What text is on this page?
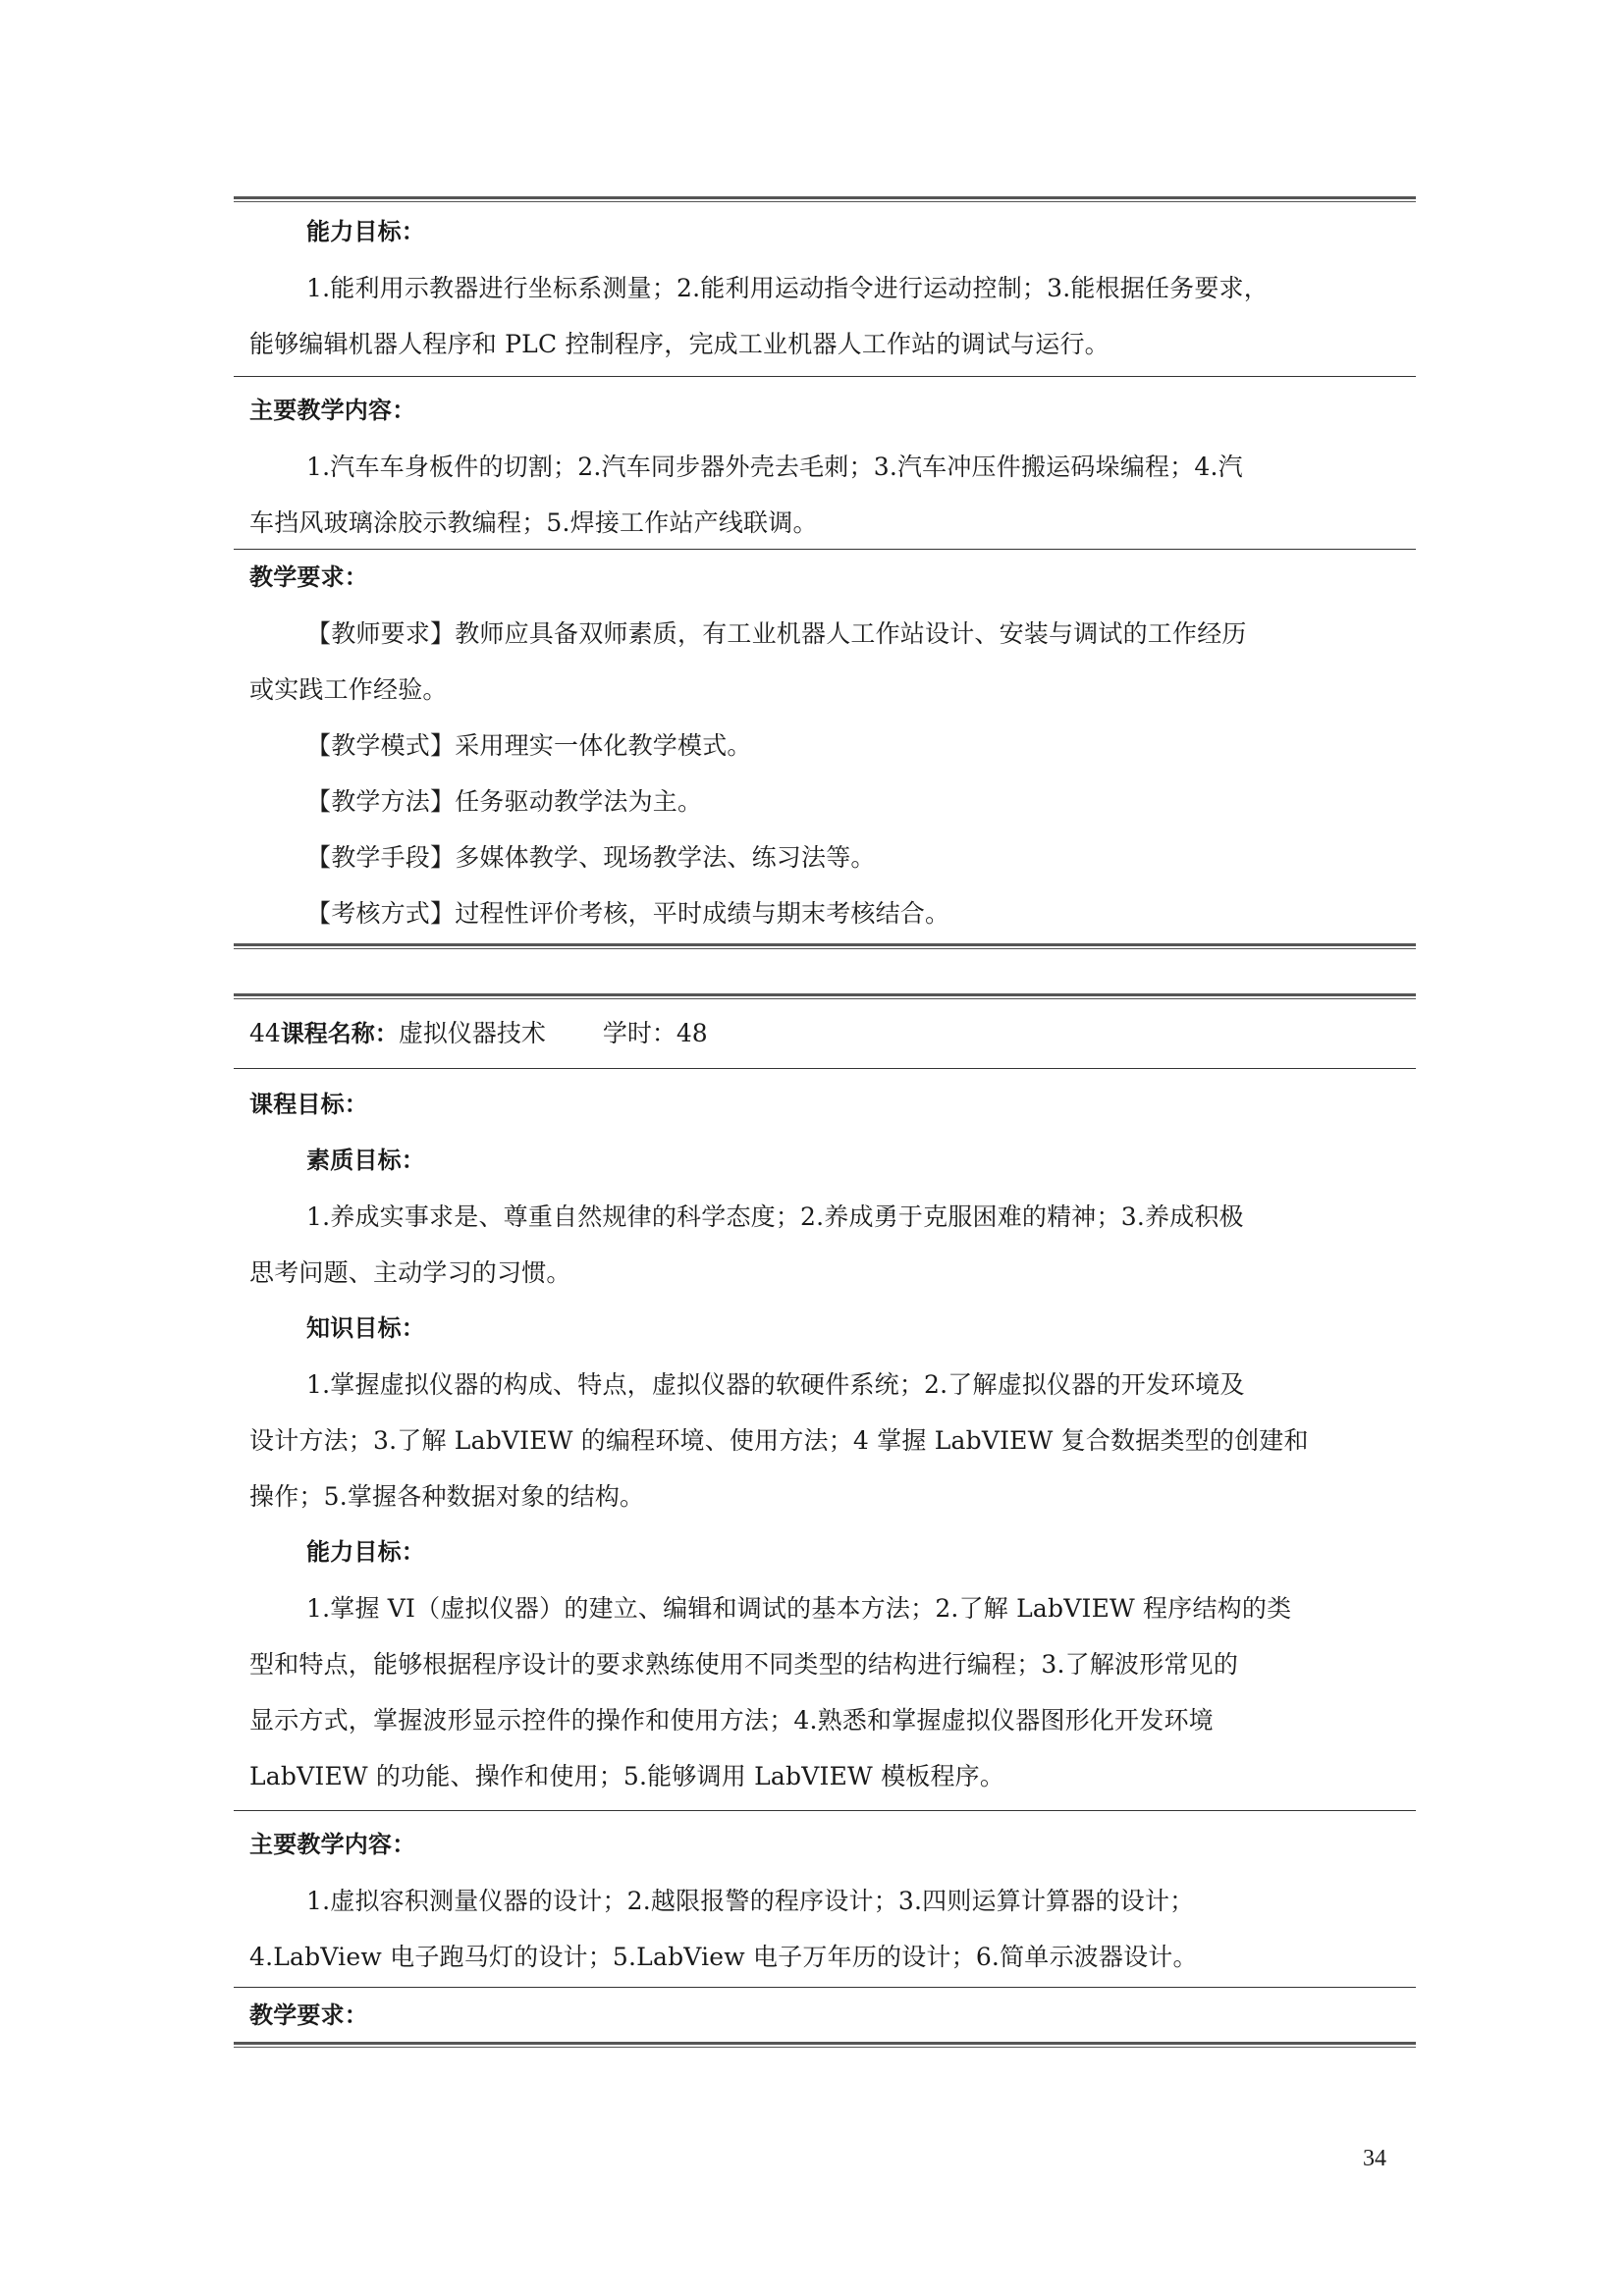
能力目标：
1.能利用示教器进行坐标系测量；2.能利用运动指令进行运动控制；3.能根据任务要求，
能够编辑机器人程序和 PLC 控制程序，完成工业机器人工作站的调试与运行。
主要教学内容：
1.汽车车身板件的切割；2.汽车同步器外壳去毛刺；3.汽车冲压件搬运码垛编程；4.汽
车挡风玻璃涂胶示教编程；5.焊接工作站产线联调。
教学要求：
【教师要求】教师应具备双师素质，有工业机器人工作站设计、安装与调试的工作经历
或实践工作经验。
【教学模式】采用理实一体化教学模式。
【教学方法】任务驱动教学法为主。
【教学手段】多媒体教学、现场教学法、练习法等。
【考核方式】过程性评价考核，平时成绩与期末考核结合。
44课程名称：虚拟仪器技术 学时：48
课程目标：
素质目标：
1.养成实事求是、尊重自然规律的科学态度；2.养成勇于克服困难的精神；3.养成积极
思考问题、主动学习的习惯。
知识目标：
1.掌握虚拟仪器的构成、特点，虚拟仪器的软硬件系统；2.了解虚拟仪器的开发环境及
设计方法；3.了解 LabVIEW 的编程环境、使用方法；4 掌握 LabVIEW 复合数据类型的创建和
操作；5.掌握各种数据对象的结构。
能力目标：
1.掌握 VI（虚拟仪器）的建立、编辑和调试的基本方法；2.了解 LabVIEW 程序结构的类
型和特点，能够根据程序设计的要求熟练使用不同类型的结构进行编程；3.了解波形常见的
显示方式，掌握波形显示控件的操作和使用方法；4.熟悉和掌握虚拟仪器图形化开发环境
LabVIEW 的功能、操作和使用；5.能够调用 LabVIEW 模板程序。
主要教学内容：
1.虚拟容积测量仪器的设计；2.越限报警的程序设计；3.四则运算计算器的设计；
4.LabView 电子跑马灯的设计；5.LabView 电子万年历的设计；6.简单示波器设计。
教学要求：
34
